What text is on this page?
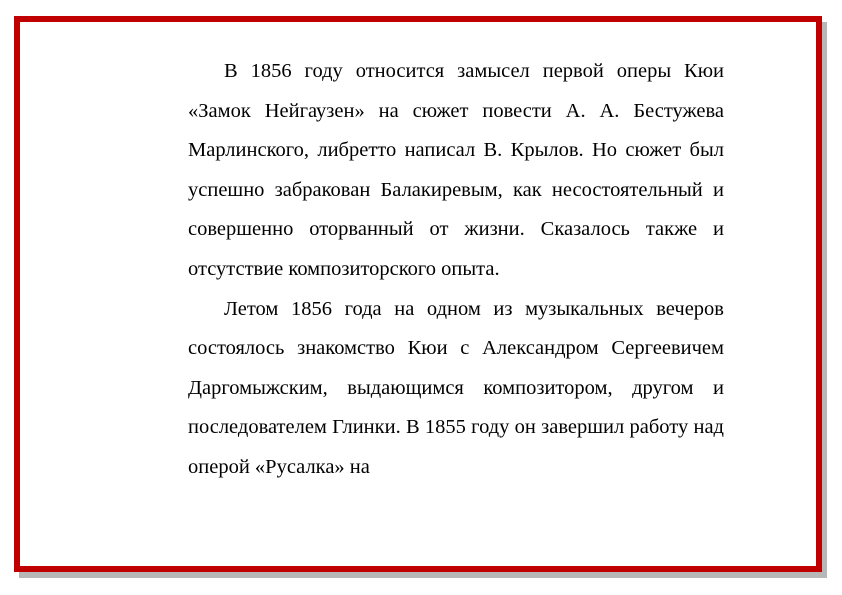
В 1856 году относится замысел первой оперы Кюи «Замок Нейгаузен» на сюжет повести А. А. Бестужева Марлинского, либретто написал В. Крылов. Но сюжет был успешно забракован Балакиревым, как несостоятельный и совершенно оторванный от жизни. Сказалось также и отсутствие композиторского опыта.

Летом 1856 года на одном из музыкальных вечеров состоялось знакомство Кюи с Александром Сергеевичем Даргомыжским, выдающимся композитором, другом и последователем Глинки. В 1855 году он завершил работу над оперой «Русалка» на
